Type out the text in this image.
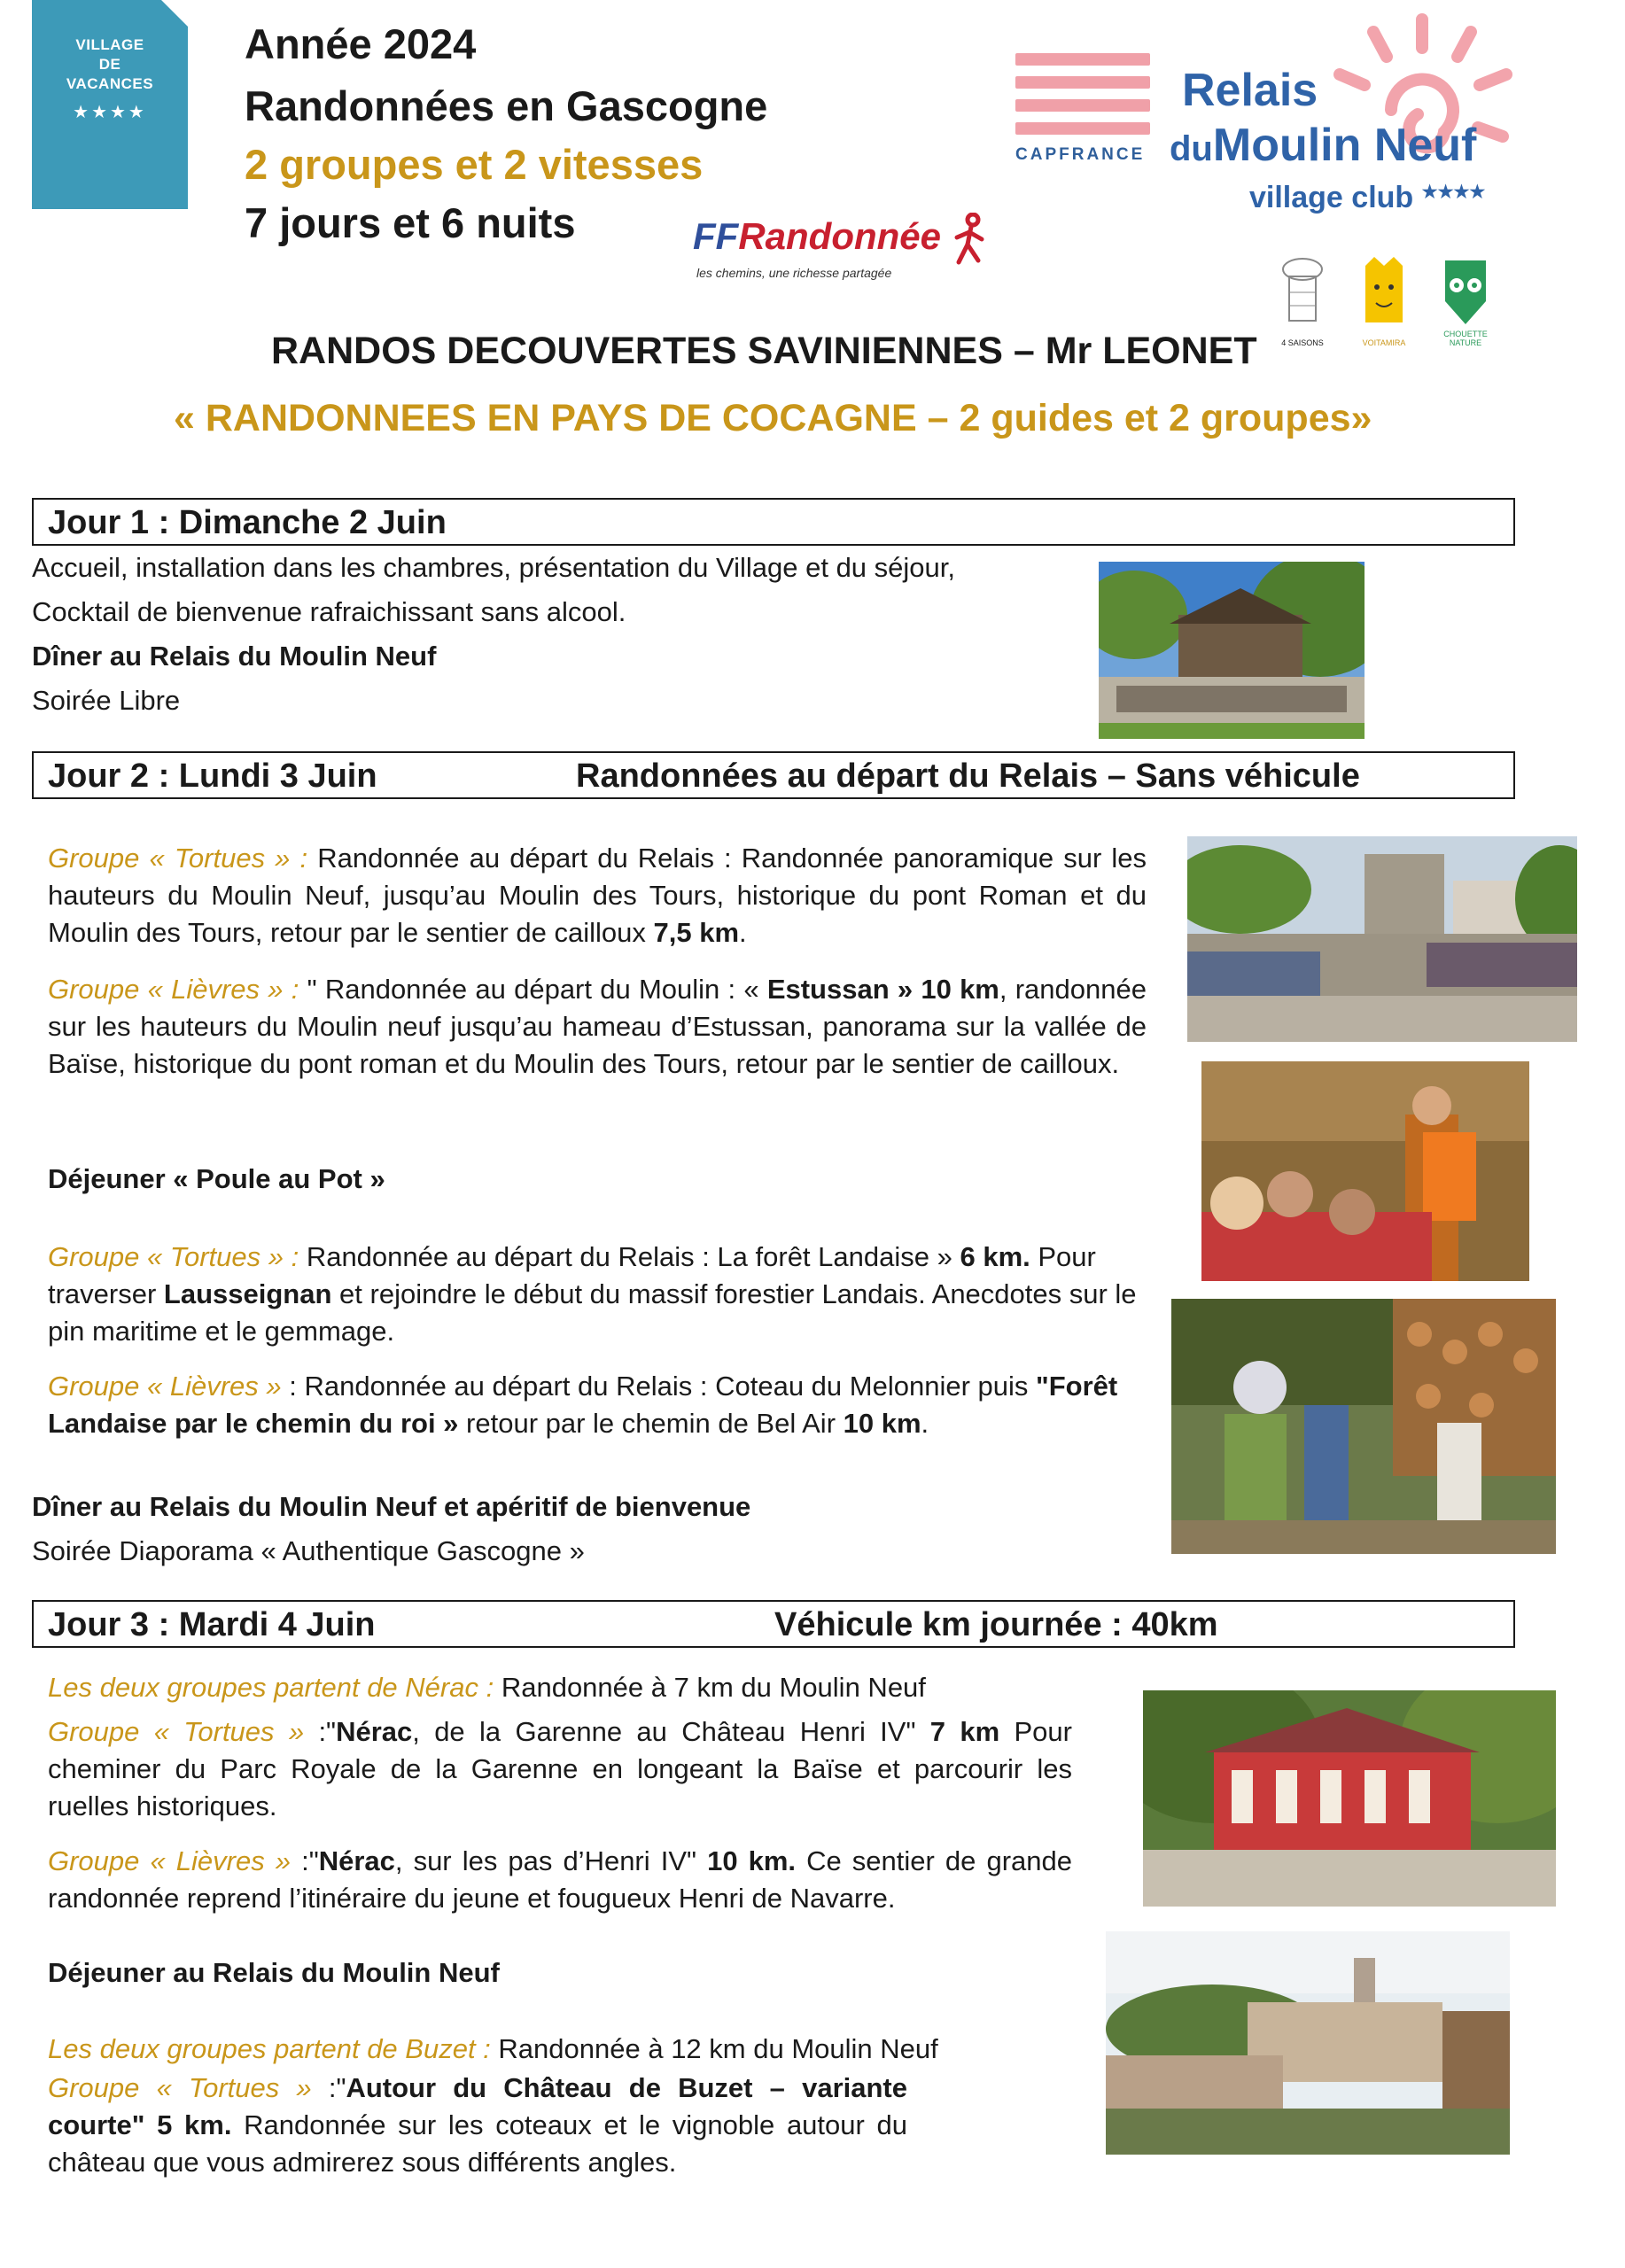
VILLAGE
DE
VACANCES
★★★★
Année 2024
Randonnées en Gascogne
2 groupes et 2 vitesses
7 jours et 6 nuits
CAPFRANCE
Relais
duMoulin Neuf
village club ★★★★
FFRandonnée
les chemins, une richesse partagée
4 SAISONS	VOITAMIRA
CHOUETTE NATURE
RANDOS DECOUVERTES SAVINIENNES – Mr LEONET
« RANDONNEES EN PAYS DE COCAGNE – 2 guides et 2 groupes»
Jour 1 : Dimanche 2 Juin
Accueil, installation dans les chambres, présentation du Village et du séjour,
Cocktail de bienvenue rafraichissant sans alcool.
Dîner au Relais du Moulin Neuf
Soirée Libre
Jour 2 : Lundi 3 Juin	Randonnées au départ du Relais – Sans véhicule
Groupe « Tortues » : Randonnée au départ du Relais : Randonnée panoramique sur les hauteurs du Moulin Neuf, jusqu’au Moulin des Tours, historique du pont Roman et du Moulin des Tours, retour par le sentier de cailloux 7,5 km.
Groupe « Lièvres » : " Randonnée au départ du Moulin : « Estussan » 10 km, randonnée sur les hauteurs du Moulin neuf jusqu’au hameau d’Estussan, panorama sur la vallée de Baïse, historique du pont roman et du Moulin des Tours, retour par le sentier de cailloux.
Déjeuner « Poule au Pot »
Groupe « Tortues » : Randonnée au départ du Relais : La forêt Landaise » 6 km. Pour traverser Lausseignan et rejoindre le début du massif forestier Landais. Anecdotes sur le pin maritime et le gemmage.
Groupe « Lièvres » : Randonnée au départ du Relais : Coteau du Melonnier puis "Forêt Landaise par le chemin du roi » retour par le chemin de Bel Air 10 km.
Dîner au Relais du Moulin Neuf et apéritif de bienvenue
Soirée Diaporama « Authentique Gascogne »
Jour 3 : Mardi 4 Juin	Véhicule km journée : 40km
Les deux groupes partent de Nérac : Randonnée à 7 km du Moulin Neuf
Groupe « Tortues » :"Nérac, de la Garenne au Château Henri IV" 7 km Pour cheminer du Parc Royale de la Garenne en longeant la Baïse et parcourir les ruelles historiques.
Groupe « Lièvres » :"Nérac, sur les pas d’Henri IV" 10 km. Ce sentier de grande randonnée reprend l’itinéraire du jeune et fougueux Henri de Navarre.
Déjeuner au Relais du Moulin Neuf
Les deux groupes partent de Buzet : Randonnée à 12 km du Moulin Neuf
Groupe « Tortues » :"Autour du Château de Buzet – variante courte" 5 km. Randonnée sur les coteaux et le vignoble autour du château que vous admirerez sous différents angles.
